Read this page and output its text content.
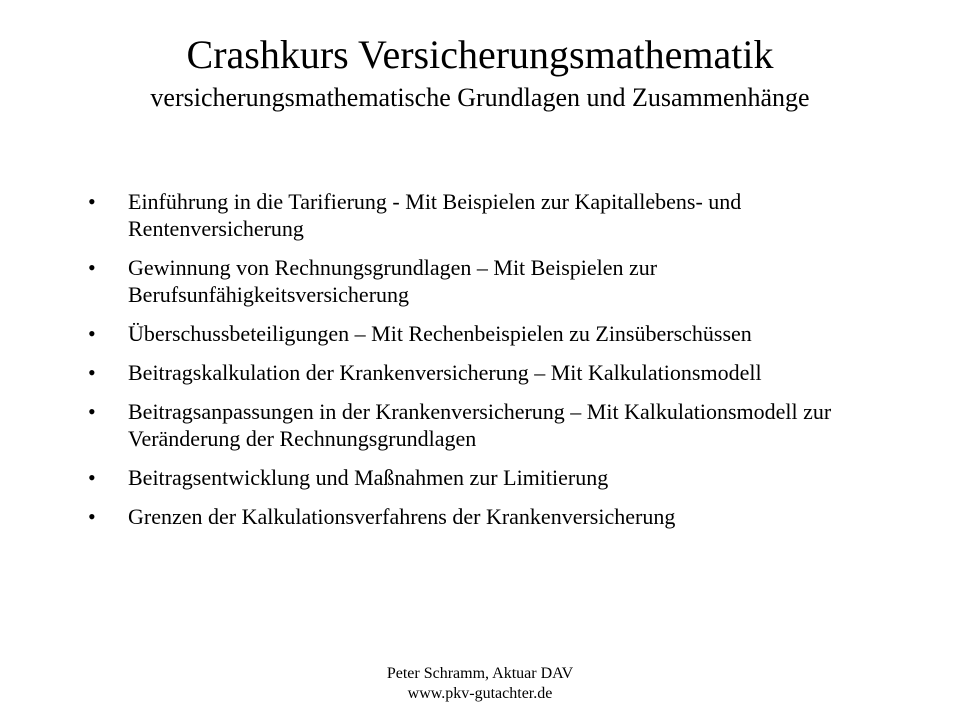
Crashkurs Versicherungsmathematik
versicherungsmathematische Grundlagen und Zusammenhänge
• Einführung in die Tarifierung - Mit Beispielen zur Kapitallebens- und Rentenversicherung
• Gewinnung von Rechnungsgrundlagen – Mit Beispielen zur Berufsunfähigkeitsversicherung
• Überschussbeteiligungen – Mit Rechenbeispielen zu Zinsüberschüssen
• Beitragskalkulation der Krankenversicherung – Mit Kalkulationsmodell
• Beitragsanpassungen in der Krankenversicherung – Mit Kalkulationsmodell zur Veränderung der Rechnungsgrundlagen
• Beitragsentwicklung und Maßnahmen zur Limitierung
• Grenzen der Kalkulationsverfahrens der Krankenversicherung
Peter Schramm, Aktuar DAV
www.pkv-gutachter.de
